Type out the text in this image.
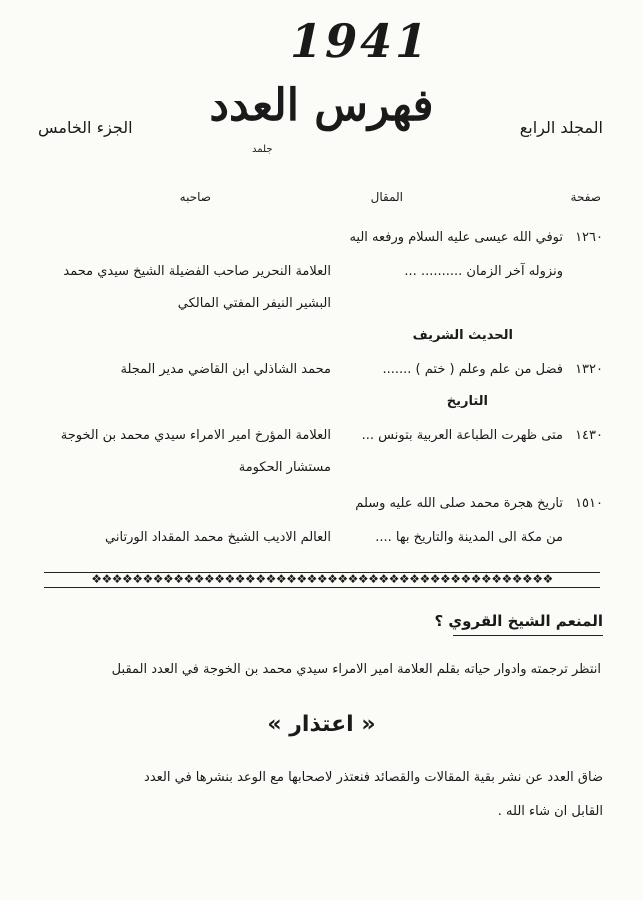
1941
المجلد الرابع
فهرس العدد
جلمد
الجزء الخامس
صفحة
المقال
صاحبه
١٢٦٠
توفي الله عيسى عليه السلام ورفعه اليه
ونزوله آخر الزمان .......... ...
العلامة النحرير صاحب الفضيلة الشيخ سيدي محمد
البشير النيفر المفتي المالكي
الحديث الشريف
١٣٢٠
فضل من علم وعلم ( ختم ) .......
محمد الشاذلي ابن القاضي مدير المجلة
التاريخ
١٤٣٠
متى ظهرت الطباعة العربية بتونس ...
العلامة المؤرخ امير الامراء سيدي محمد بن الخوجة
مستشار الحكومة
١٥١٠
تاريخ هجرة محمد صلى الله عليه وسلم
من مكة الى المدينة والتاريخ بها ....
العالم الاديب الشيخ محمد المقداد الورتاني
❖❖❖❖❖❖❖❖❖❖❖❖❖❖❖❖❖❖❖❖❖❖❖❖❖❖❖❖❖❖❖❖❖❖❖❖❖❖❖❖❖❖❖❖❖
المنعم الشيخ القروي ؟
انتظر ترجمته وادوار حياته بقلم العلامة امير الامراء سيدي محمد بن الخوجة في العدد المقبل
« اعتذار »
ضاق العدد عن نشر بقية المقالات والقصائد فنعتذر لاصحابها مع الوعد بنشرها في العدد
القابل ان شاء الله .
